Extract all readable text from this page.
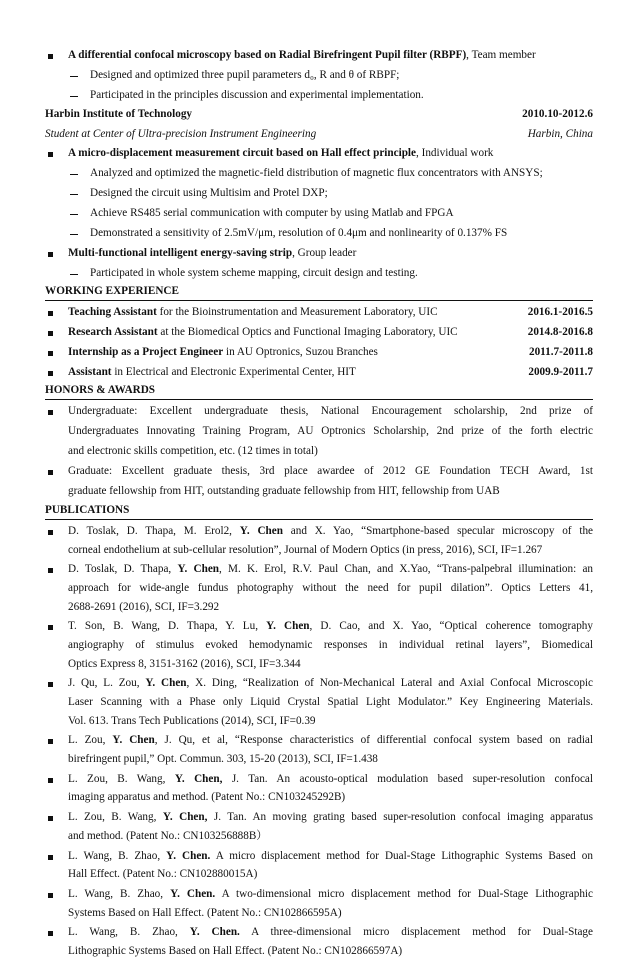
A differential confocal microscopy based on Radial Birefringent Pupil filter (RBPF), Team member
Designed and optimized three pupil parameters d₀, R and θ of RBPF;
Participated in the principles discussion and experimental implementation.
Harbin Institute of Technology	2010.10-2012.6
Student at Center of Ultra-precision Instrument Engineering	Harbin, China
A micro-displacement measurement circuit based on Hall effect principle, Individual work
Analyzed and optimized the magnetic-field distribution of magnetic flux concentrators with ANSYS;
Designed the circuit using Multisim and Protel DXP;
Achieve RS485 serial communication with computer by using Matlab and FPGA
Demonstrated a sensitivity of 2.5mV/μm, resolution of 0.4μm and nonlinearity of 0.137% FS
Multi-functional intelligent energy-saving strip, Group leader
Participated in whole system scheme mapping, circuit design and testing.
WORKING EXPERIENCE
Teaching Assistant for the Bioinstrumentation and Measurement Laboratory, UIC	2016.1-2016.5
Research Assistant at the Biomedical Optics and Functional Imaging Laboratory, UIC	2014.8-2016.8
Internship as a Project Engineer in AU Optronics, Suzou Branches	2011.7-2011.8
Assistant in Electrical and Electronic Experimental Center, HIT	2009.9-2011.7
HONORS & AWARDS
Undergraduate: Excellent undergraduate thesis, National Encouragement scholarship, 2nd prize of
Undergraduates Innovating Training Program, AU Optronics Scholarship, 2nd prize of the forth electric
and electronic skills competition, etc. (12 times in total)
Graduate: Excellent graduate thesis, 3rd place awardee of 2012 GE Foundation TECH Award, 1st
graduate fellowship from HIT, outstanding graduate fellowship from HIT, fellowship from UAB
PUBLICATIONS
D. Toslak, D. Thapa, M. Erol2, Y. Chen and X. Yao, “Smartphone-based specular microscopy of the
corneal endothelium at sub-cellular resolution”, Journal of Modern Optics (in press, 2016), SCI, IF=1.267
D. Toslak, D. Thapa, Y. Chen, M. K. Erol, R.V. Paul Chan, and X.Yao, “Trans-palpebral illumination: an
approach for wide-angle fundus photography without the need for pupil dilation”. Optics Letters 41,
2688-2691 (2016), SCI, IF=3.292
T. Son, B. Wang, D. Thapa, Y. Lu, Y. Chen, D. Cao, and X. Yao, “Optical coherence tomography
angiography of stimulus evoked hemodynamic responses in individual retinal layers”, Biomedical
Optics Express 8, 3151-3162 (2016), SCI, IF=3.344
J. Qu, L. Zou, Y. Chen, X. Ding, “Realization of Non-Mechanical Lateral and Axial Confocal Microscopic
Laser Scanning with a Phase only Liquid Crystal Spatial Light Modulator.” Key Engineering Materials.
Vol. 613. Trans Tech Publications (2014), SCI, IF=0.39
L. Zou, Y. Chen, J. Qu, et al, “Response characteristics of differential confocal system based on radial
birefringent pupil,” Opt. Commun. 303, 15-20 (2013), SCI, IF=1.438
L. Zou, B. Wang, Y. Chen, J. Tan. An acousto-optical modulation based super-resolution confocal
imaging apparatus and method. (Patent No.: CN103245292B)
L. Zou, B. Wang, Y. Chen, J. Tan. An moving grating based super-resolution confocal imaging apparatus
and method. (Patent No.: CN103256888B）
L. Wang, B. Zhao, Y. Chen. A micro displacement method for Dual-Stage Lithographic Systems Based on
Hall Effect. (Patent No.: CN102880015A)
L. Wang, B. Zhao, Y. Chen. A two-dimensional micro displacement method for Dual-Stage Lithographic
Systems Based on Hall Effect. (Patent No.: CN102866595A)
L. Wang, B. Zhao, Y. Chen. A three-dimensional micro displacement method for Dual-Stage
Lithographic Systems Based on Hall Effect. (Patent No.: CN102866597A)
